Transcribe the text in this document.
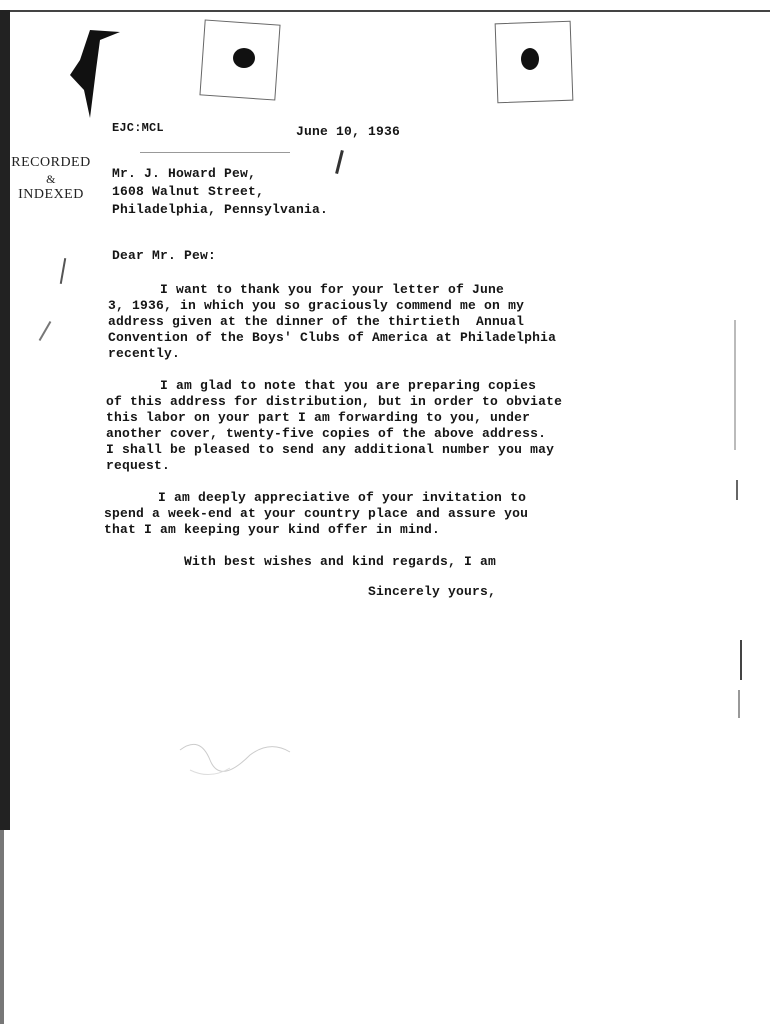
EJC:MCL	June 10, 1936
RECORDED
&
INDEXED
Mr. J. Howard Pew,
1608 Walnut Street,
Philadelphia, Pennsylvania.
Dear Mr. Pew:
I want to thank you for your letter of June
3, 1936, in which you so graciously commend me on my
address given at the dinner of the thirtieth  Annual
Convention of the Boys' Clubs of America at Philadelphia
recently.
I am glad to note that you are preparing copies
of this address for distribution, but in order to obviate
this labor on your part I am forwarding to you, under
another cover, twenty-five copies of the above address.
I shall be pleased to send any additional number you may
request.
I am deeply appreciative of your invitation to
spend a week-end at your country place and assure you
that I am keeping your kind offer in mind.
With best wishes and kind regards, I am
Sincerely yours,
